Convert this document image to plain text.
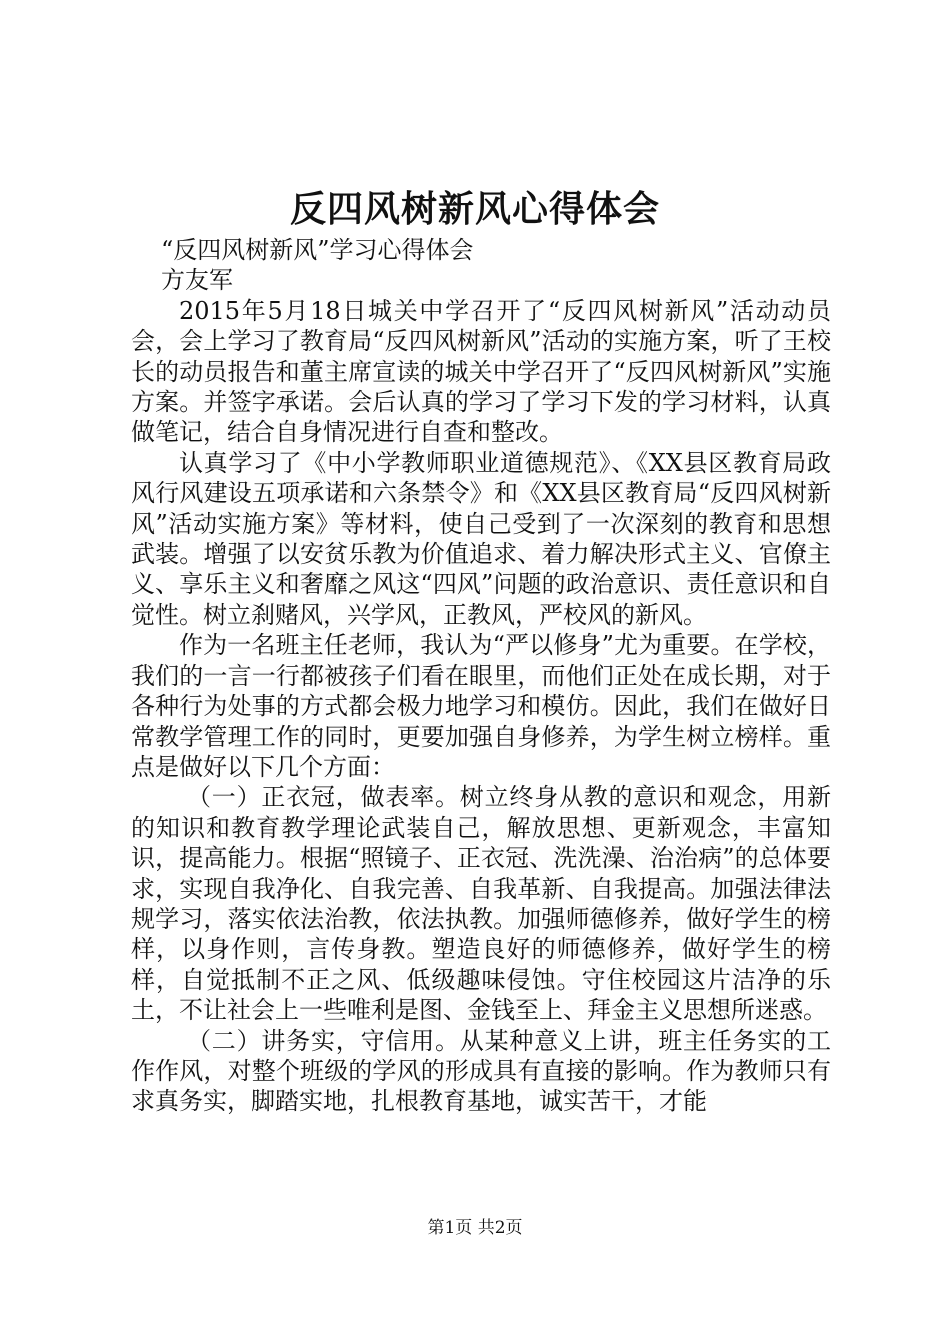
反四风树新风心得体会

“反四风树新风”学习心得体会

方友军

2015年5月18日城关中学召开了“反四风树新风”活动动员会，会上学习了教育局“反四风树新风”活动的实施方案，听了王校长的动员报告和董主席宣读的城关中学召开了“反四风树新风”实施方案。并签字承诺。会后认真的学习了学习下发的学习材料，认真做笔记，结合自身情况进行自查和整改。

认真学习了《中小学教师职业道德规范》、《XX县区教育局政风行风建设五项承诺和六条禁令》和《XX县区教育局“反四风树新风”活动实施方案》等材料，使自己受到了一次深刻的教育和思想武装。增强了以安贫乐教为价值追求、着力解决形式主义、官僚主义、享乐主义和奢靡之风这“四风”问题的政治意识、责任意识和自觉性。树立刹赌风，兴学风，正教风，严校风的新风。

作为一名班主任老师，我认为“严以修身”尤为重要。在学校，我们的一言一行都被孩子们看在眼里，而他们正处在成长期，对于各种行为处事的方式都会极力地学习和模仿。因此，我们在做好日常教学管理工作的同时，更要加强自身修养，为学生树立榜样。重点是做好以下几个方面：

（一）正衣冠，做表率。树立终身从教的意识和观念，用新的知识和教育教学理论武装自己，解放思想、更新观念，丰富知识，提高能力。根据“照镜子、正衣冠、洗洗澡、治治病”的总体要求，实现自我净化、自我完善、自我革新、自我提高。加强法律法规学习，落实依法治教，依法执教。加强师德修养，做好学生的榜样，以身作则，言传身教。塑造良好的师德修养，做好学生的榜样，自觉抵制不正之风、低级趣味侵蚀。守住校园这片洁净的乐土，不让社会上一些唯利是图、金钱至上、拜金主义思想所迷惑。

（二）讲务实，守信用。从某种意义上讲，班主任务实的工作作风，对整个班级的学风的形成具有直接的影响。作为教师只有求真务实，脚踏实地，扎根教育基地，诚实苦干，才能

第1页 共2页
